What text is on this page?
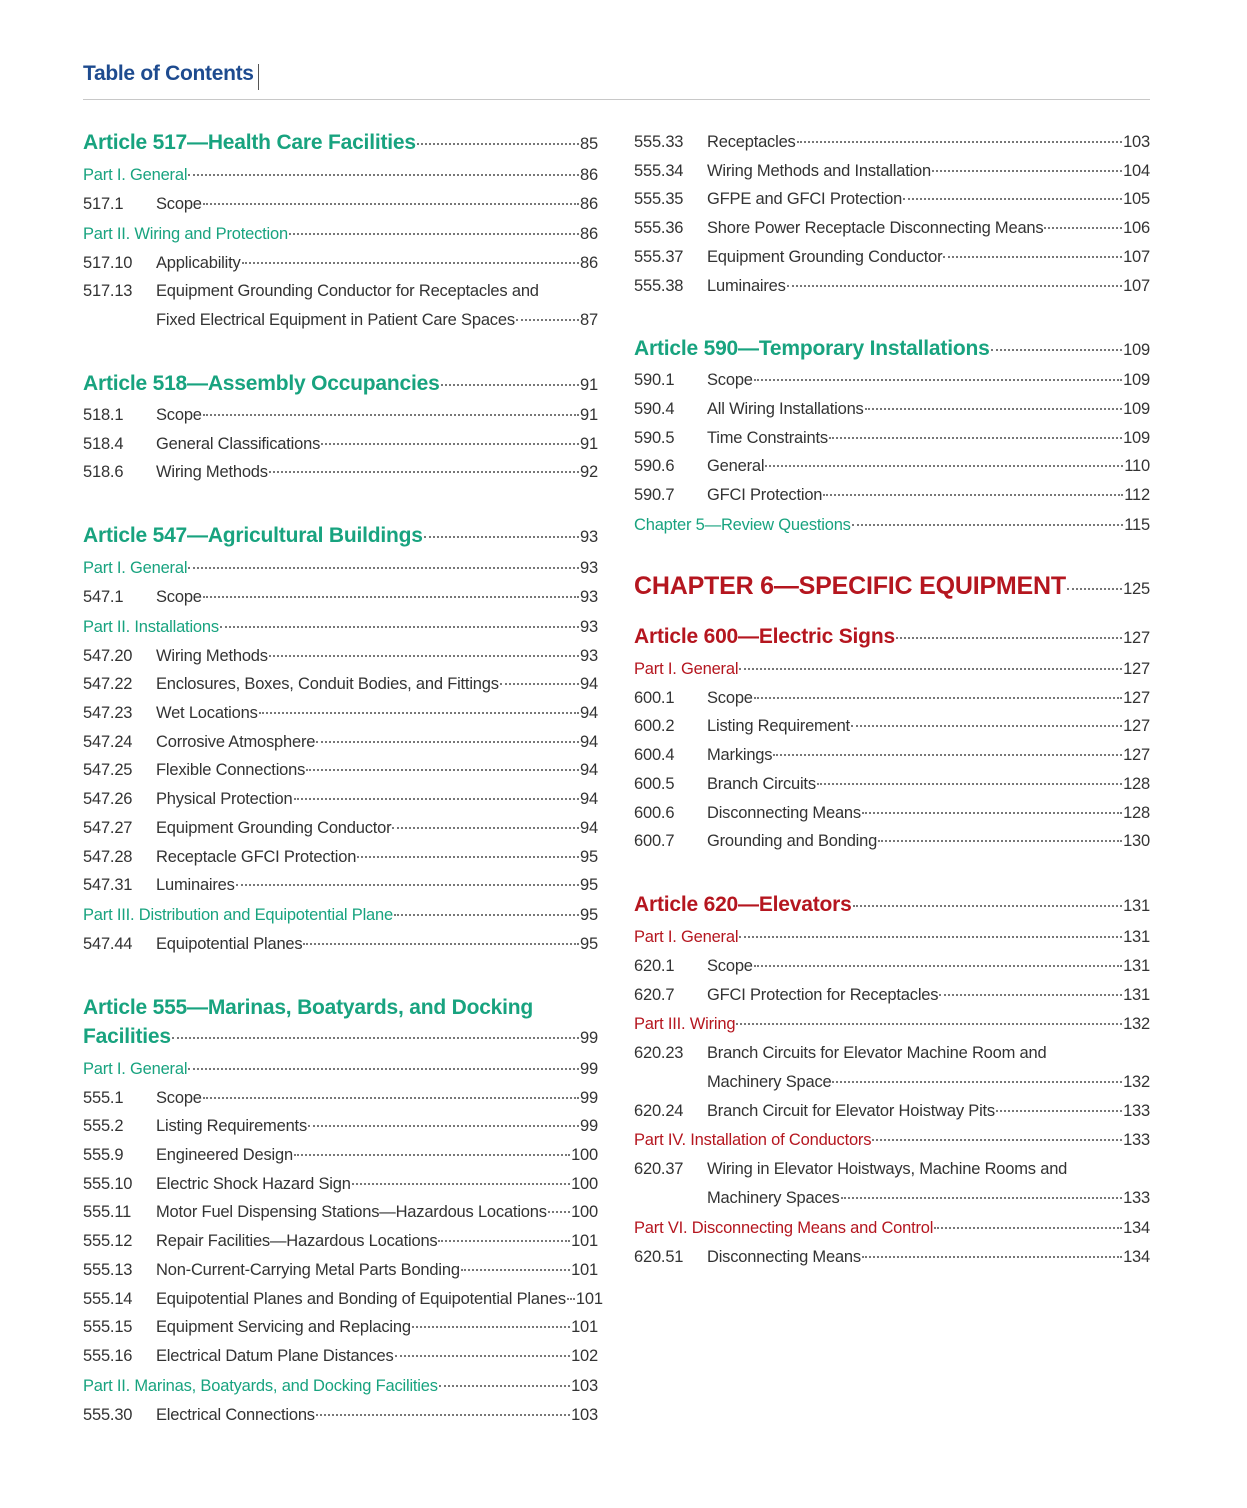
Table of Contents
Article 517—Health Care Facilities	85
Part I. General	86
517.1	Scope	86
Part II. Wiring and Protection	86
517.10	Applicability	86
517.13	Equipment Grounding Conductor for Receptacles and
Fixed Electrical Equipment in Patient Care Spaces	87
Article 518—Assembly Occupancies	91
518.1	Scope	91
518.4	General Classifications	91
518.6	Wiring Methods	92
Article 547—Agricultural Buildings	93
Part I. General	93
547.1	Scope	93
Part II. Installations	93
547.20	Wiring Methods	93
547.22	Enclosures, Boxes, Conduit Bodies, and Fittings	94
547.23	Wet Locations	94
547.24	Corrosive Atmosphere	94
547.25	Flexible Connections	94
547.26	Physical Protection	94
547.27	Equipment Grounding Conductor	94
547.28	Receptacle GFCI Protection	95
547.31	Luminaires	95
Part III. Distribution and Equipotential Plane	95
547.44	Equipotential Planes	95
Article 555—Marinas, Boatyards, and Docking
Facilities	99
Part I. General	99
555.1	Scope	99
555.2	Listing Requirements	99
555.9	Engineered Design	100
555.10	Electric Shock Hazard Sign	100
555.11	Motor Fuel Dispensing Stations—Hazardous Locations 100
555.12	Repair Facilities—Hazardous Locations	101
555.13	Non-Current-Carrying Metal Parts Bonding	101
555.14	Equipotential Planes and Bonding of Equipotential Planes 101
555.15	Equipment Servicing and Replacing	101
555.16	Electrical Datum Plane Distances	102
Part II. Marinas, Boatyards, and Docking Facilities	103
555.30	Electrical Connections	103
555.33	Receptacles	103
555.34	Wiring Methods and Installation	104
555.35	GFPE and GFCI Protection	105
555.36	Shore Power Receptacle Disconnecting Means	106
555.37	Equipment Grounding Conductor	107
555.38	Luminaires	107
Article 590—Temporary Installations	109
590.1	Scope	109
590.4	All Wiring Installations	109
590.5	Time Constraints	109
590.6	General	110
590.7	GFCI Protection	112
Chapter 5—Review Questions	115
CHAPTER 6—SPECIFIC EQUIPMENT	125
Article 600—Electric Signs	127
Part I. General	127
600.1	Scope	127
600.2	Listing Requirement	127
600.4	Markings	127
600.5	Branch Circuits	128
600.6	Disconnecting Means	128
600.7	Grounding and Bonding	130
Article 620—Elevators	131
Part I. General	131
620.1	Scope	131
620.7	GFCI Protection for Receptacles	131
Part III. Wiring	132
620.23	Branch Circuits for Elevator Machine Room and
Machinery Space	132
620.24	Branch Circuit for Elevator Hoistway Pits	133
Part IV. Installation of Conductors	133
620.37	Wiring in Elevator Hoistways, Machine Rooms and
Machinery Spaces	133
Part VI. Disconnecting Means and Control	134
620.51	Disconnecting Means	134
